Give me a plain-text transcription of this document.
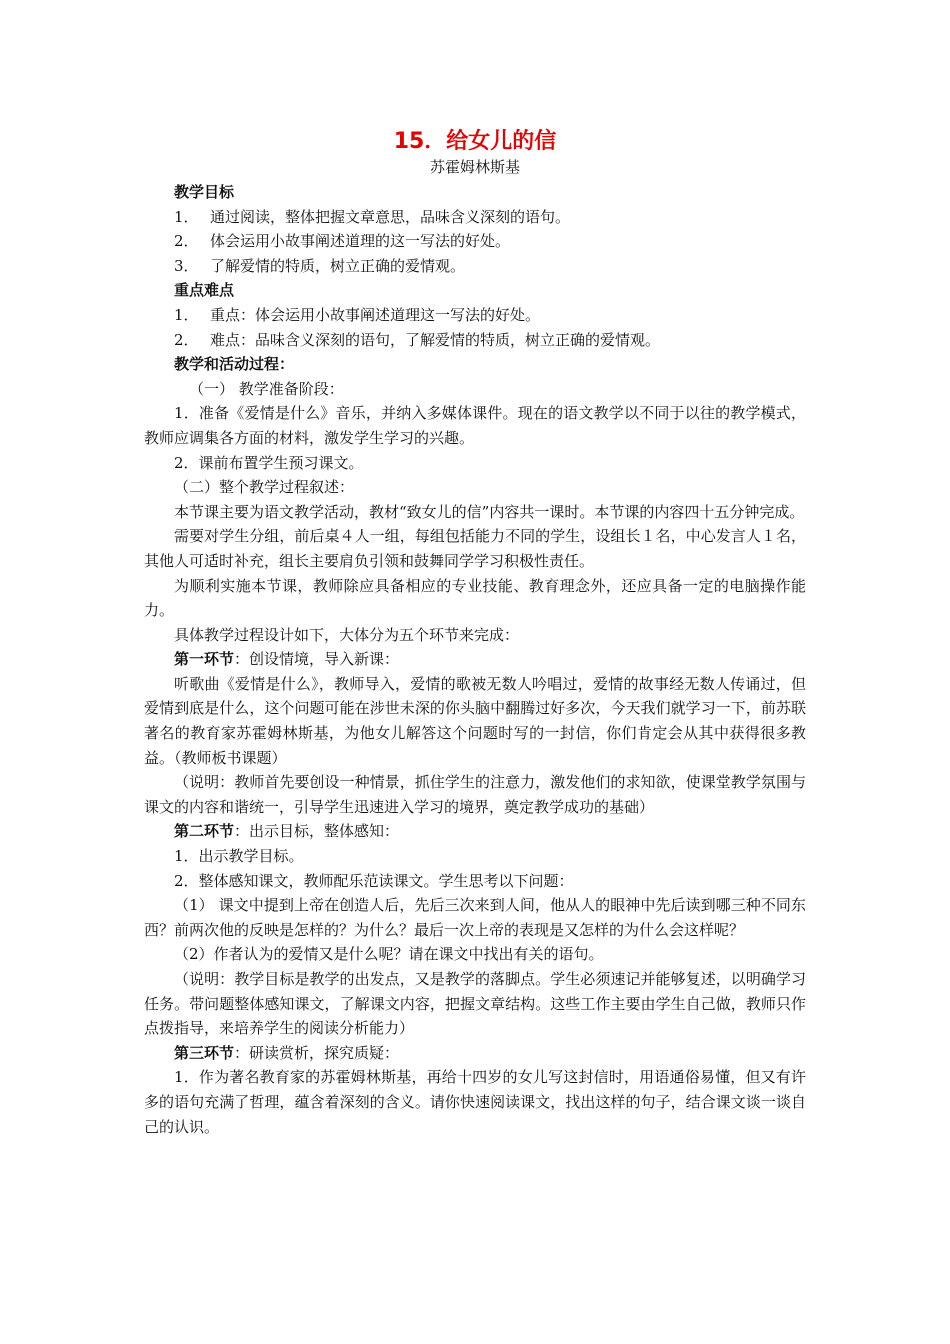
15．给女儿的信

苏霍姆林斯基

教学目标

1． 通过阅读，整体把握文章意思，品味含义深刻的语句。

2． 体会运用小故事阐述道理的这一写法的好处。

3． 了解爱情的特质，树立正确的爱情观。

重点难点

1． 重点：体会运用小故事阐述道理这一写法的好处。

2． 难点：品味含义深刻的语句，了解爱情的特质，树立正确的爱情观。

教学和活动过程：

（一） 教学准备阶段：

1．准备《爱情是什么》音乐，并纳入多媒体课件。现在的语文教学以不同于以往的教学模式，教师应调集各方面的材料，激发学生学习的兴趣。

2．课前布置学生预习课文。

（二）整个教学过程叙述：

本节课主要为语文教学活动，教材“致女儿的信”内容共一课时。本节课的内容四十五分钟完成。

需要对学生分组，前后桌４人一组，每组包括能力不同的学生，设组长１名，中心发言人１名，其他人可适时补充，组长主要肩负引领和鼓舞同学学习积极性责任。

为顺利实施本节课，教师除应具备相应的专业技能、教育理念外，还应具备一定的电脑操作能力。

具体教学过程设计如下，大体分为五个环节来完成：

第一环节：创设情境，导入新课：

听歌曲《爱情是什么》，教师导入，爱情的歌被无数人吟唱过，爱情的故事经无数人传诵过，但爱情到底是什么，这个问题可能在涉世未深的你头脑中翻腾过好多次，今天我们就学习一下，前苏联著名的教育家苏霍姆林斯基，为他女儿解答这个问题时写的一封信，你们肯定会从其中获得很多教益。（教师板书课题）

（说明：教师首先要创设一种情景，抓住学生的注意力，激发他们的求知欲，使课堂教学氛围与课文的内容和谐统一，引导学生迅速进入学习的境界，奠定教学成功的基础）

第二环节：出示目标，整体感知：

1．出示教学目标。

2．整体感知课文，教师配乐范读课文。学生思考以下问题：

（1） 课文中提到上帝在创造人后，先后三次来到人间，他从人的眼神中先后读到哪三种不同东西？前两次他的反映是怎样的？为什么？最后一次上帝的表现是又怎样的为什么会这样呢？

（2）作者认为的爱情又是什么呢？请在课文中找出有关的语句。

（说明：教学目标是教学的出发点，又是教学的落脚点。学生必须速记并能够复述，以明确学习任务。带问题整体感知课文，了解课文内容，把握文章结构。这些工作主要由学生自己做，教师只作点拨指导，来培养学生的阅读分析能力）

第三环节：研读赏析，探究质疑：

1．作为著名教育家的苏霍姆林斯基，再给十四岁的女儿写这封信时，用语通俗易懂，但又有许多的语句充满了哲理，蕴含着深刻的含义。请你快速阅读课文，找出这样的句子，结合课文谈一谈自己的认识。
